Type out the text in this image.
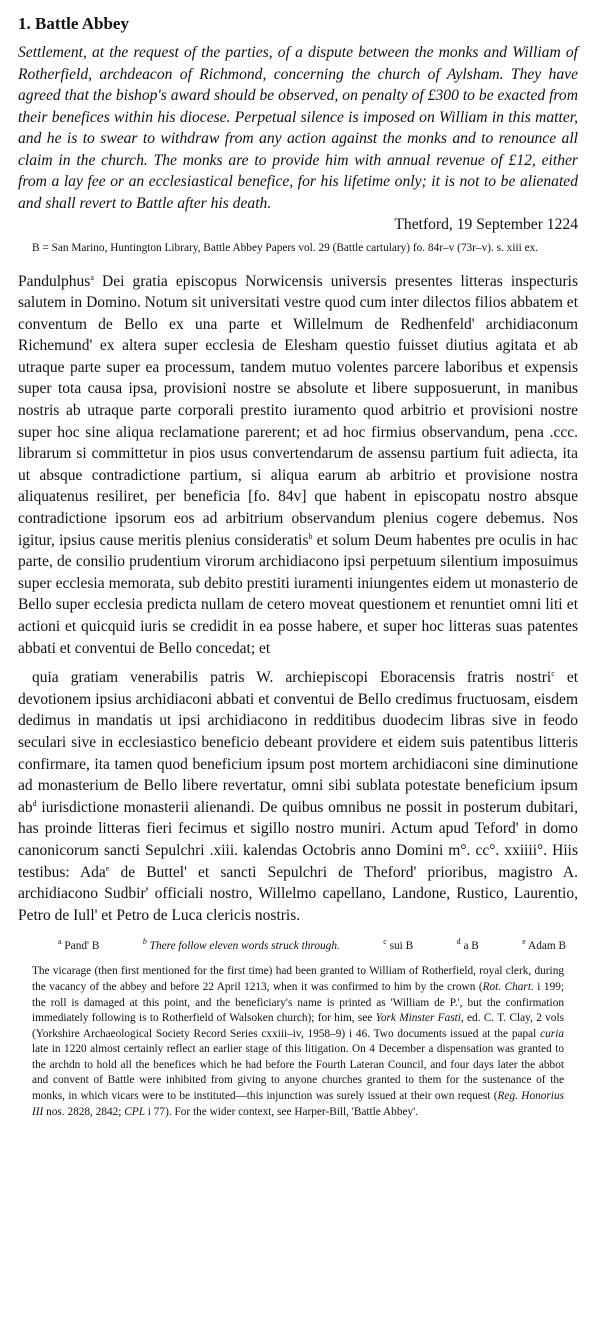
1. Battle Abbey

Settlement, at the request of the parties, of a dispute between the monks and William of Rotherfield, archdeacon of Richmond, concerning the church of Aylsham. They have agreed that the bishop's award should be observed, on penalty of £300 to be exacted from their benefices within his diocese. Perpetual silence is imposed on William in this matter, and he is to swear to withdraw from any action against the monks and to renounce all claim in the church. The monks are to provide him with annual revenue of £12, either from a lay fee or an ecclesiastical benefice, for his lifetime only; it is not to be alienated and shall revert to Battle after his death.

Thetford, 19 September 1224

B = San Marino, Huntington Library, Battle Abbey Papers vol. 29 (Battle cartulary) fo. 84r–v (73r–v). s. xiii ex.

Pandulphus$^a$ Dei gratia episcopus Norwicensis universis presentes litteras inspecturis salutem in Domino. Notum sit universitati vestre quod cum inter dilectos filios abbatem et conventum de Bello ex una parte et Willelmum de Redhenfeld' archidiaconum Richemund' ex altera super ecclesia de Elesham questio fuisset diutius agitata et ab utraque parte super ea processum, tandem mutuo volentes parcere laboribus et expensis super tota causa ipsa, provisioni nostre se absolute et libere supposuerunt, in manibus nostris ab utraque parte corporali prestito iuramento quod arbitrio et provisioni nostre super hoc sine aliqua reclamatione parerent; et ad hoc firmius observandum, pena .ccc. librarum si committetur in pios usus convertendarum de assensu partium fuit adiecta, ita ut absque contradictione partium, si aliqua earum ab arbitrio et provisione nostra aliquatenus resiliret, per beneficia [fo. 84v] que habent in episcopatu nostro absque contradictione ipsorum eos ad arbitrium observandum plenius cogere debemus. Nos igitur, ipsius cause meritis plenius consideratis$^b$ et solum Deum habentes pre oculis in hac parte, de consilio prudentium virorum archidiacono ipsi perpetuum silentium imposuimus super ecclesia memorata, sub debito prestiti iuramenti iniungentes eidem ut monasterio de Bello super ecclesia predicta nullam de cetero moveat questionem et renuntiet omni liti et actioni et quicquid iuris se credidit in ea posse habere, et super hoc litteras suas patentes abbati et conventui de Bello concedat; et

quia gratiam venerabilis patris W. archiepiscopi Eboracensis fratris nostri$^c$ et devotionem ipsius archidiaconi abbati et conventui de Bello credimus fructuosam, eisdem dedimus in mandatis ut ipsi archidiacono in redditibus duodecim libras sive in feodo seculari sive in ecclesiastico beneficio debeant providere et eidem suis patentibus litteris confirmare, ita tamen quod beneficium ipsum post mortem archidiaconi sine diminutione ad monasterium de Bello libere revertatur, omni sibi sublata potestate beneficium ipsum $ab^d$ iurisdictione monasterii alienandi. De quibus omnibus ne possit in posterum dubitari, has proinde litteras fieri fecimus et sigillo nostro muniri. Actum apud Teford' in domo canonicorum sancti Sepulchri .xiii. kalendas Octobris anno Domini m°. cc°. xxiiii°. Hiis testibus: Ada$^e$ de Buttel' et sancti Sepulchri de Theford' prioribus, magistro A. archidiacono Sudbir' officiali nostro, Willelmo capellano, Landone, Rustico, Laurentio, Petro de Iull' et Petro de Luca clericis nostris.

$^a$ Pand' B	$^b$ There follow eleven words struck through.	$^c$ sui B	$^d$ a B	$^e$ Adam B

The vicarage (then first mentioned for the first time) had been granted to William of Rotherfield, royal clerk, during the vacancy of the abbey and before 22 April 1213, when it was confirmed to him by the crown (Rot. Chart. i 199; the roll is damaged at this point, and the beneficiary's name is printed as 'William de P.', but the confirmation immediately following is to Rotherfield of Walsoken church); for him, see York Minster Fasti, ed. C. T. Clay, 2 vols (Yorkshire Archaeological Society Record Series cxxiii–iv, 1958–9) i 46. Two documents issued at the papal curia late in 1220 almost certainly reflect an earlier stage of this litigation. On 4 December a dispensation was granted to the archdn to hold all the benefices which he had before the Fourth Lateran Council, and four days later the abbot and convent of Battle were inhibited from giving to anyone churches granted to them for the sustenance of the monks, in which vicars were to be instituted—this injunction was surely issued at their own request (Reg. Honorius III nos. 2828, 2842; CPL i 77). For the wider context, see Harper-Bill, 'Battle Abbey'.
